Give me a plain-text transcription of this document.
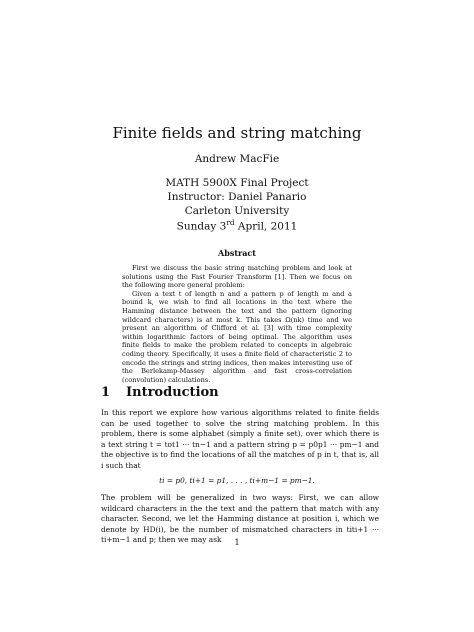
Finite fields and string matching
Andrew MacFie
MATH 5900X Final Project
Instructor: Daniel Panario
Carleton University
Sunday 3rd April, 2011
Abstract

First we discuss the basic string matching problem and look at solutions using the Fast Fourier Transform [1]. Then we focus on the following more general problem:

Given a text t of length n and a pattern p of length m and a bound k, we wish to find all locations in the text where the Hamming distance between the text and the pattern (ignoring wildcard characters) is at most k. This takes Ω(nk) time and we present an algorithm of Clifford et al. [3] with time complexity within logarithmic factors of being optimal. The algorithm uses finite fields to make the problem related to concepts in algebraic coding theory. Specifically, it uses a finite field of characteristic 2 to encode the strings and string indices, then makes interesting use of the Berlekamp-Massey algorithm and fast cross-correlation (convolution) calculations.

1 Introduction

In this report we explore how various algorithms related to finite fields can be used together to solve the string matching problem. In this problem, there is some alphabet (simply a finite set), over which there is a text string t = tot1 ··· tn−1 and a pattern string p = p0p1 ··· pm−1 and the objective is to find the locations of all the matches of p in t, that is, all i such that

ti = p0, ti+1 = p1, . . . , ti+m−1 = pm−1.

The problem will be generalized in two ways: First, we can allow wildcard characters in the the text and the pattern that match with any character. Second, we let the Hamming distance at position i, which we denote by HD(i), be the number of mismatched characters in titi+1 ··· ti+m−1 and p; then we may ask	1
